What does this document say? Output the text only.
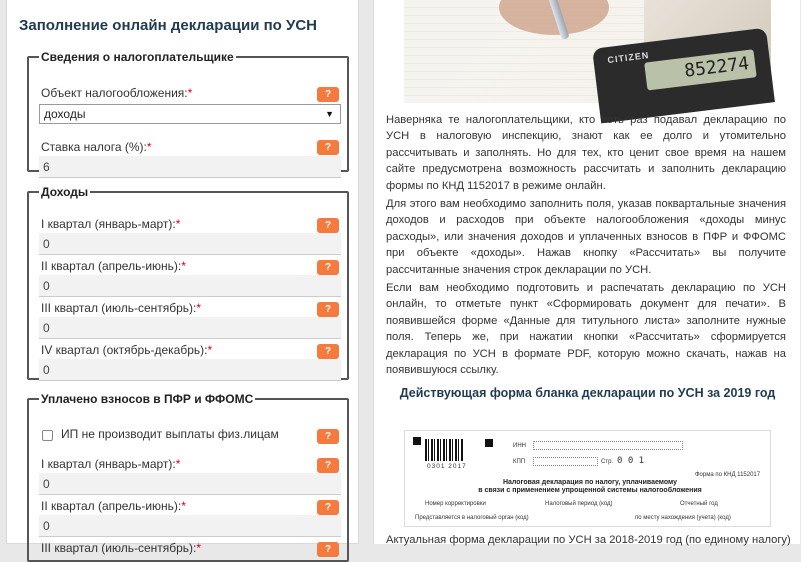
Заполнение онлайн декларации по УСН
Сведения о налогоплательщике
Объект налогообложения:*	?
доходы	▼
Ставка налога (%):*	?
6
Доходы
I квартал (январь-март):*	?
0
II квартал (апрель-июнь):*	?
0
III квартал (июль-сентябрь):*	?
0
IV квартал (октябрь-декабрь):*	?
0
Уплачено взносов в ПФР и ФФОМС
ИП не производит выплаты физ.лицам	?
I квартал (январь-март):*	?
0
II квартал (апрель-июнь):*	?
0
III квартал (июль-сентябрь):*	?
CITIZEN	852274

Наверняка те налогоплательщики, кто хоть раз подавал декларацию по УСН в налоговую инспекцию, знают как ее долго и утомительно рассчитывать и заполнять. Но для тех, кто ценит свое время на нашем сайте предусмотрена возможность рассчитать и заполнить декларацию формы по КНД 1152017 в режиме онлайн.

Для этого вам необходимо заполнить поля, указав поквартальные значения доходов и расходов при объекте налогообложения «доходы минус расходы», или значения доходов и уплаченных взносов в ПФР и ФФОМС при объекте «доходы». Нажав кнопку «Рассчитать» вы получите рассчитанные значения строк декларации по УСН.

Если вам необходимо подготовить и распечатать декларацию по УСН онлайн, то отметьте пункт «Сформировать документ для печати». В появившейся форме «Данные для титульного листа» заполните нужные поля. Теперь же, при нажатии кнопки «Рассчитать» сформируется декларация по УСН в формате PDF, которую можно скачать, нажав на появившуюся ссылку.

Действующая форма бланка декларации по УСН за 2019 год
0301 2017
ИНН
КПП	Стр. 0 0 1
Форма по КНД 1152017
Налоговая декларация по налогу, уплачиваемому
в связи с применением упрощенной системы налогообложения
Номер корректировки	Налоговый период (код)	Отчетный год
Представляется в налоговый орган (код)	по месту нахождения (учета) (код)
Актуальная форма декларации по УСН за 2018-2019 год (по единому налогу)
